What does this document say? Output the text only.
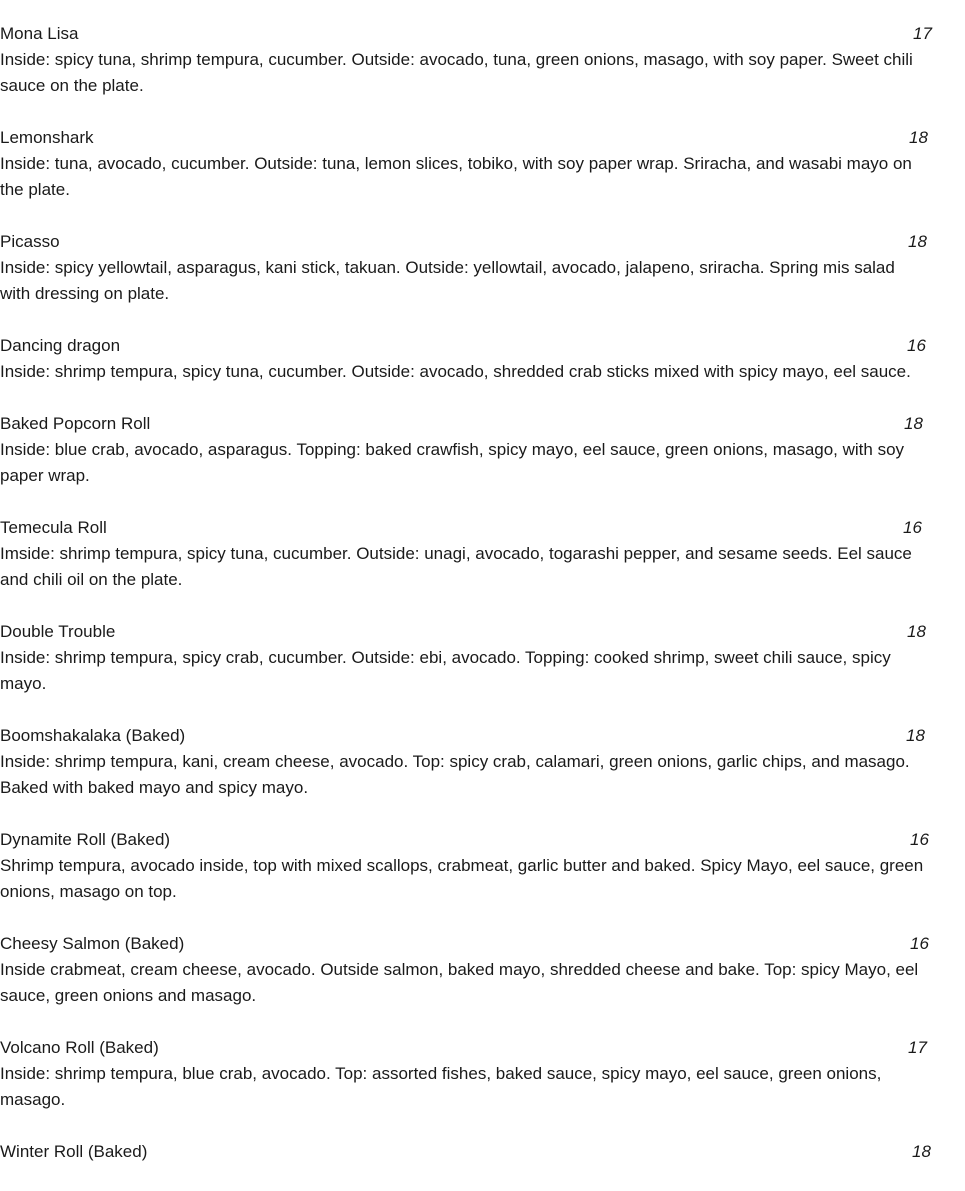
Mona Lisa	17
Inside: spicy tuna, shrimp tempura, cucumber. Outside: avocado, tuna, green onions, masago, with soy paper. Sweet chili
sauce on the plate.
Lemonshark	18
Inside: tuna, avocado, cucumber. Outside: tuna, lemon slices, tobiko, with soy paper wrap. Sriracha, and wasabi mayo on
the plate.
Picasso	18
Inside: spicy yellowtail, asparagus, kani stick, takuan. Outside: yellowtail, avocado, jalapeno, sriracha. Spring mis salad
with dressing on plate.
Dancing dragon	16
Inside: shrimp tempura, spicy tuna, cucumber. Outside: avocado, shredded crab sticks mixed with spicy mayo, eel sauce.
Baked Popcorn Roll	18
Inside: blue crab, avocado, asparagus. Topping: baked crawfish, spicy mayo, eel sauce, green onions, masago, with soy
paper wrap.
Temecula Roll	16
Imside: shrimp tempura, spicy tuna, cucumber. Outside: unagi, avocado, togarashi pepper, and sesame seeds. Eel sauce
and chili oil on the plate.
Double Trouble	18
Inside: shrimp tempura, spicy crab, cucumber. Outside: ebi, avocado. Topping: cooked shrimp, sweet chili sauce, spicy
mayo.
Boomshakalaka (Baked)	18
Inside: shrimp tempura, kani, cream cheese, avocado. Top: spicy crab, calamari, green onions, garlic chips, and masago.
Baked with baked mayo and spicy mayo.
Dynamite Roll (Baked)	16
Shrimp tempura, avocado inside, top with mixed scallops, crabmeat, garlic butter and baked. Spicy Mayo, eel sauce, green
onions, masago on top.
Cheesy Salmon (Baked)	16
Inside crabmeat, cream cheese, avocado. Outside salmon, baked mayo, shredded cheese and bake. Top: spicy Mayo, eel
sauce, green onions and masago.
Volcano Roll (Baked)	17
Inside: shrimp tempura, blue crab, avocado. Top: assorted fishes, baked sauce, spicy mayo, eel sauce, green onions,
masago.
Winter Roll (Baked)	18
